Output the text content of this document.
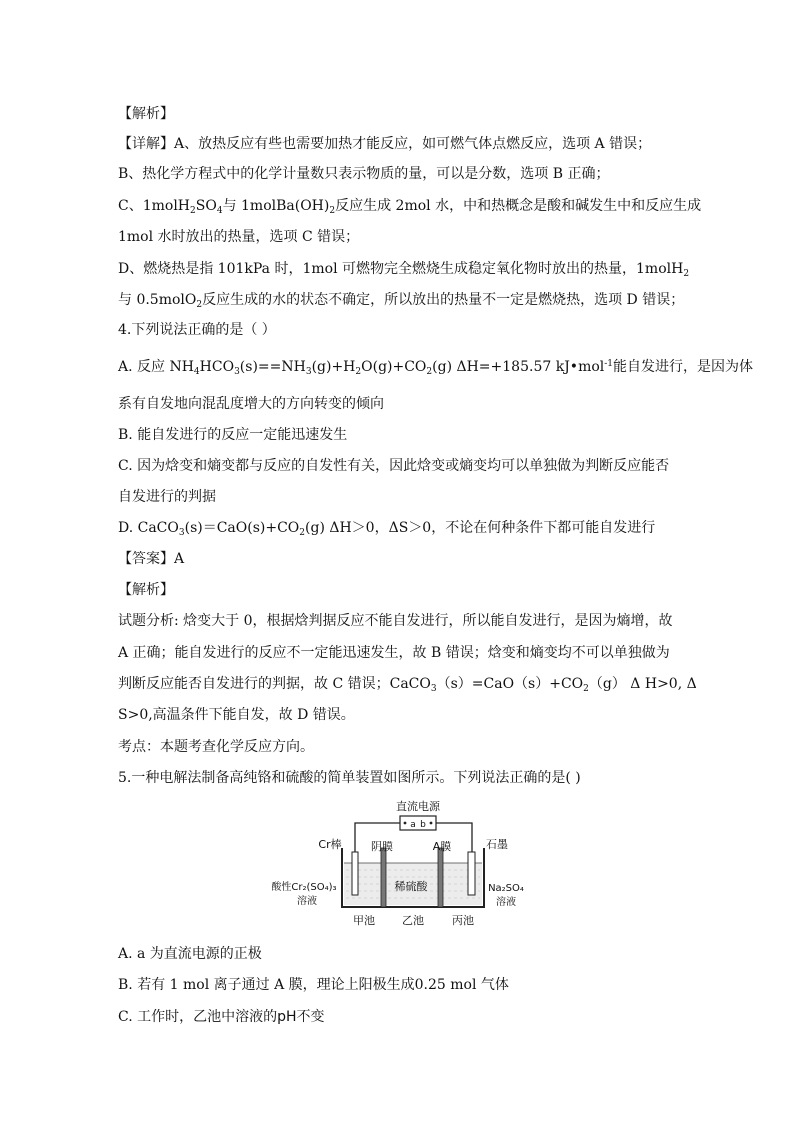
【解析】
【详解】A、放热反应有些也需要加热才能反应，如可燃气体点燃反应，选项 A 错误；
B、热化学方程式中的化学计量数只表示物质的量，可以是分数，选项 B 正确；
C、$1molH_2SO_4$与 $1molBa(OH)_2$反应生成 2mol 水，中和热概念是酸和碱发生中和反应生成
1mol 水时放出的热量，选项 C 错误；
D、燃烧热是指 101kPa 时，1mol 可燃物完全燃烧生成稳定氧化物时放出的热量，1molH$_2$
与 0.5molO$_2$反应生成的水的状态不确定，所以放出的热量不一定是燃烧热，选项 D 错误；
4.下列说法正确的是（ ）
A. 反应 $NH_4HCO_3(s)==NH_3(g)+H_2O(g)+CO_2(g)$ ΔH=+185.57 kJ•mol$^{-1}$能自发进行，是因为体
系有自发地向混乱度增大的方向转变的倾向
B. 能自发进行的反应一定能迅速发生
C. 因为焓变和熵变都与反应的自发性有关，因此焓变或熵变均可以单独做为判断反应能否
自发进行的判据
D. $CaCO_3(s)=CaO(s)+CO_2(g)$ ΔH＞0，ΔS＞0，不论在何种条件下都可能自发进行
【答案】A
【解析】
试题分析: 焓变大于 0，根据焓判据反应不能自发进行，所以能自发进行，是因为熵增，故
A 正确；能自发进行的反应不一定能迅速发生，故 B 错误；焓变和熵变均不可以单独做为
判断反应能否自发进行的判据，故 C 错误；$CaCO_3(s)=CaO(s)+CO_2(g)$ Δ H>0, Δ
S>0,高温条件下能自发，故 D 错误。
考点：本题考查化学反应方向。
5.一种电解法制备高纯铬和硫酸的简单装置如图所示。下列说法正确的是( )
a b
直流电源
Cr棒	阴膜	A膜	石墨
酸性Cr₂(SO₄)₃
溶液
稀硫酸	Na₂SO₄
溶液
甲池 乙池	丙池
A. a 为直流电源的正极
B. 若有 1 mol 离子通过 A 膜，理论上阳极生成0.25 mol 气体
C. 工作时，乙池中溶液的pH不变
